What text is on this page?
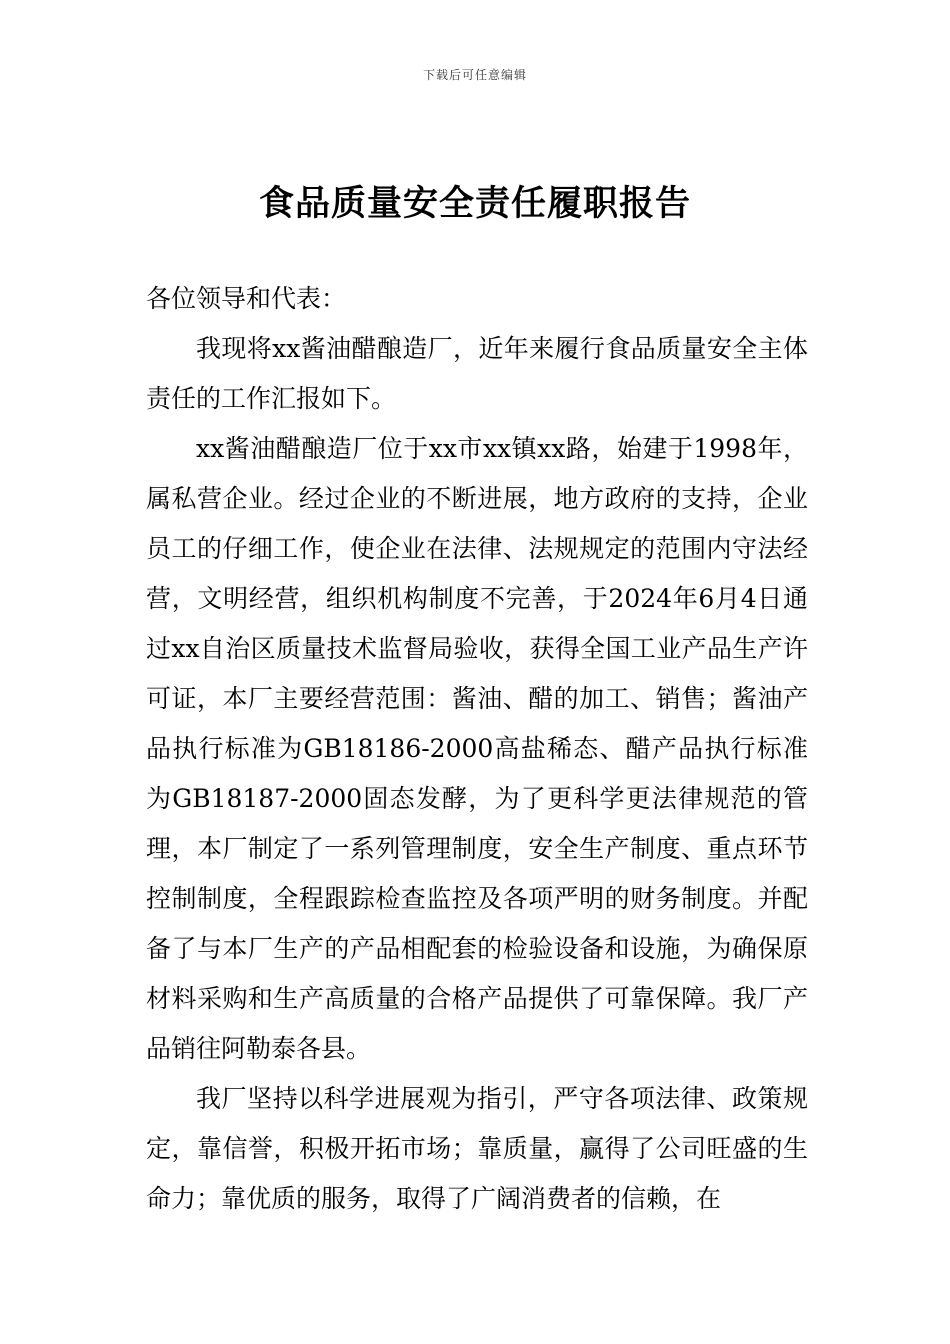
下载后可任意编辑
食品质量安全责任履职报告

各位领导和代表：

我现将xx酱油醋酿造厂，近年来履行食品质量安全主体责任的工作汇报如下。

xx酱油醋酿造厂位于xx市xx镇xx路，始建于1998年，属私营企业。经过企业的不断进展，地方政府的支持，企业员工的仔细工作，使企业在法律、法规规定的范围内守法经营，文明经营，组织机构制度不完善，于2024年6月4日通过xx自治区质量技术监督局验收，获得全国工业产品生产许可证，本厂主要经营范围：酱油、醋的加工、销售；酱油产品执行标准为GB18186-2000高盐稀态、醋产品执行标准为GB18187-2000固态发酵，为了更科学更法律规范的管理，本厂制定了一系列管理制度，安全生产制度、重点环节控制制度，全程跟踪检查监控及各项严明的财务制度。并配备了与本厂生产的产品相配套的检验设备和设施，为确保原材料采购和生产高质量的合格产品提供了可靠保障。我厂产品销往阿勒泰各县。

我厂坚持以科学进展观为指引，严守各项法律、政策规定，靠信誉，积极开拓市场；靠质量，赢得了公司旺盛的生命力；靠优质的服务，取得了广阔消费者的信赖，在
